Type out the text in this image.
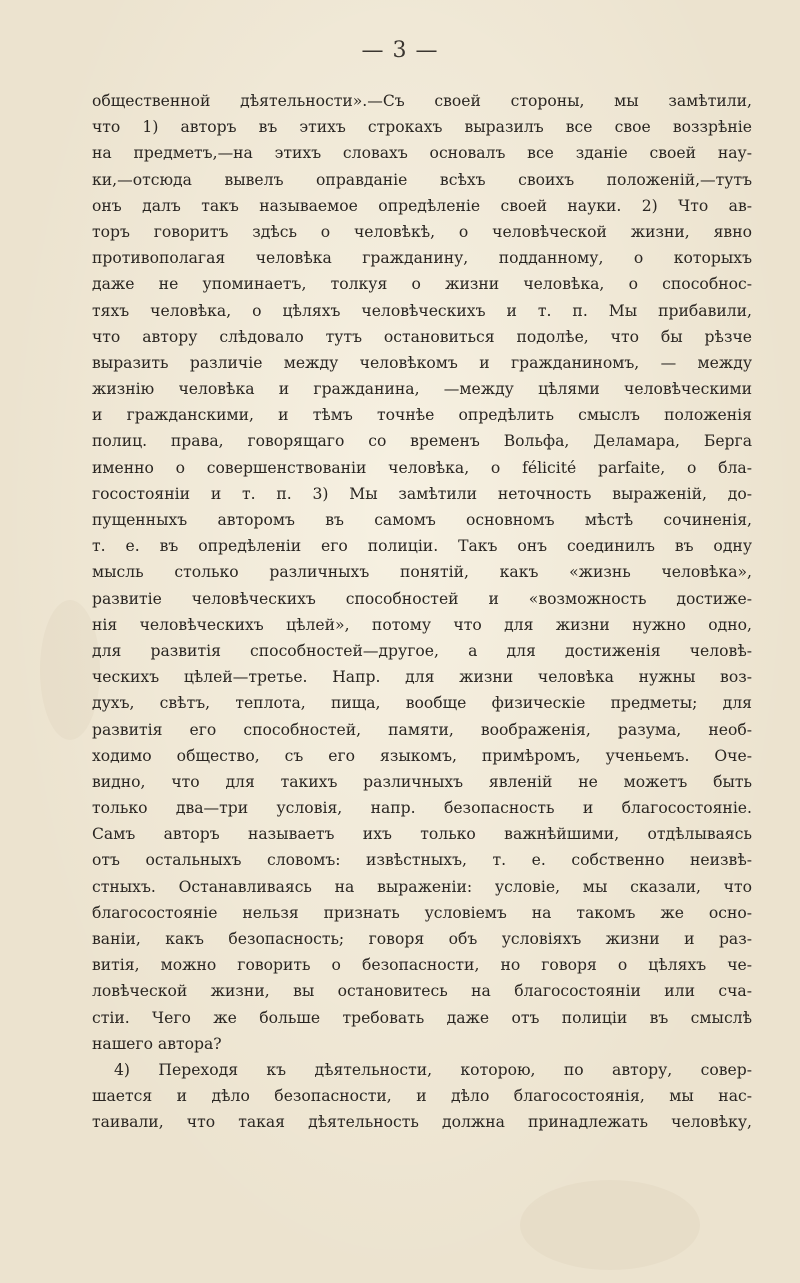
— 3 —
общественной дѣятельности».—Съ своей стороны, мы замѣтили,
что 1) авторъ въ этихъ строкахъ выразилъ все свое воззрѣніе
на предметъ,—на этихъ словахъ основалъ все зданіе своей нау-
ки,—отсюда вывелъ оправданіе всѣхъ своихъ положеній,—тутъ
онъ далъ такъ называемое опредѣленіе своей науки. 2) Что ав-
торъ говоритъ здѣсь о человѣкѣ, о человѣческой жизни, явно
противополагая человѣка гражданину, подданному, о которыхъ
даже не упоминаетъ, толкуя о жизни человѣка, о способнос-
тяхъ человѣка, о цѣляхъ человѣческихъ и т. п. Мы прибавили,
что автору слѣдовало тутъ остановиться подолѣе, что бы рѣзче
выразить различіе между человѣкомъ и гражданиномъ, — между
жизнію человѣка и гражданина, —между цѣлями человѣческими
и гражданскими, и тѣмъ точнѣе опредѣлить смыслъ положенія
полиц. права, говорящаго со временъ Вольфа, Деламара, Берга
именно о совершенствованіи человѣка, о félicité parfaite, о бла-
госостояніи и т. п. 3) Мы замѣтили неточность выраженій, до-
пущенныхъ авторомъ въ самомъ основномъ мѣстѣ сочиненія,
т. е. въ опредѣленіи его полиціи. Такъ онъ соединилъ въ одну
мысль столько различныхъ понятій, какъ «жизнь человѣка»,
развитіе человѣческихъ способностей и «возможность достиже-
нія человѣческихъ цѣлей», потому что для жизни нужно одно,
для развитія способностей—другое, а для достиженія человѣ-
ческихъ цѣлей—третье. Напр. для жизни человѣка нужны воз-
духъ, свѣтъ, теплота, пища, вообще физическіе предметы; для
развитія его способностей, памяти, воображенія, разума, необ-
ходимо общество, съ его языкомъ, примѣромъ, ученьемъ. Оче-
видно, что для такихъ различныхъ явленій не можетъ быть
только два—три условія, напр. безопасность и благосостояніе.
Самъ авторъ называетъ ихъ только важнѣйшими, отдѣлываясь
отъ остальныхъ словомъ: извѣстныхъ, т. е. собственно неизвѣ-
стныхъ. Останавливаясь на выраженіи: условіе, мы сказали, что
благосостояніе нельзя признать условіемъ на такомъ же осно-
ваніи, какъ безопасность; говоря объ условіяхъ жизни и раз-
витія, можно говорить о безопасности, но говоря о цѣляхъ че-
ловѣческой жизни, вы остановитесь на благосостояніи или сча-
стіи. Чего же больше требовать даже отъ полиціи въ смыслѣ
нашего автора?
4) Переходя къ дѣятельности, которою, по автору, совер-
шается и дѣло безопасности, и дѣло благосостоянія, мы нас-
таивали, что такая дѣятельность должна принадлежать человѣку,
